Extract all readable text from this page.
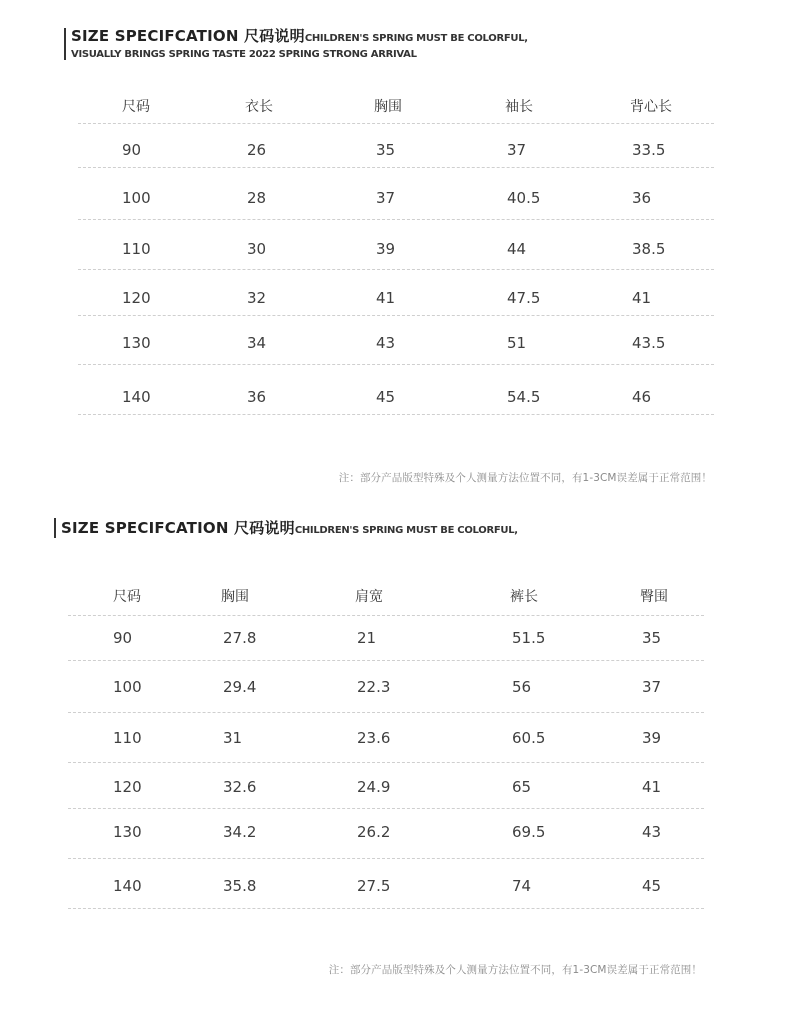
SIZE SPECIFCATION 尺码说明CHILDREN'S SPRING MUST BE COLORFUL,
VISUALLY BRINGS SPRING TASTE 2022 SPRING STRONG ARRIVAL
尺码	衣长	胸围	袖长	背心长
90	26	35	37	33.5
100	28	37	40.5	36
110	30	39	44	38.5
120	32	41	47.5	41
130	34	43	51	43.5
140	36	45	54.5	46
注：部分产品版型特殊及个人测量方法位置不同，有1-3CM误差属于正常范围！
SIZE SPECIFCATION 尺码说明CHILDREN'S SPRING MUST BE COLORFUL,
尺码	胸围	肩宽	裤长	臀围
90	27.8	21	51.5	35
100	29.4	22.3	56	37
110	31	23.6	60.5	39
120	32.6	24.9	65	41
130	34.2	26.2	69.5	43
140	35.8	27.5	74	45
注：部分产品版型特殊及个人测量方法位置不同，有1-3CM误差属于正常范围！
